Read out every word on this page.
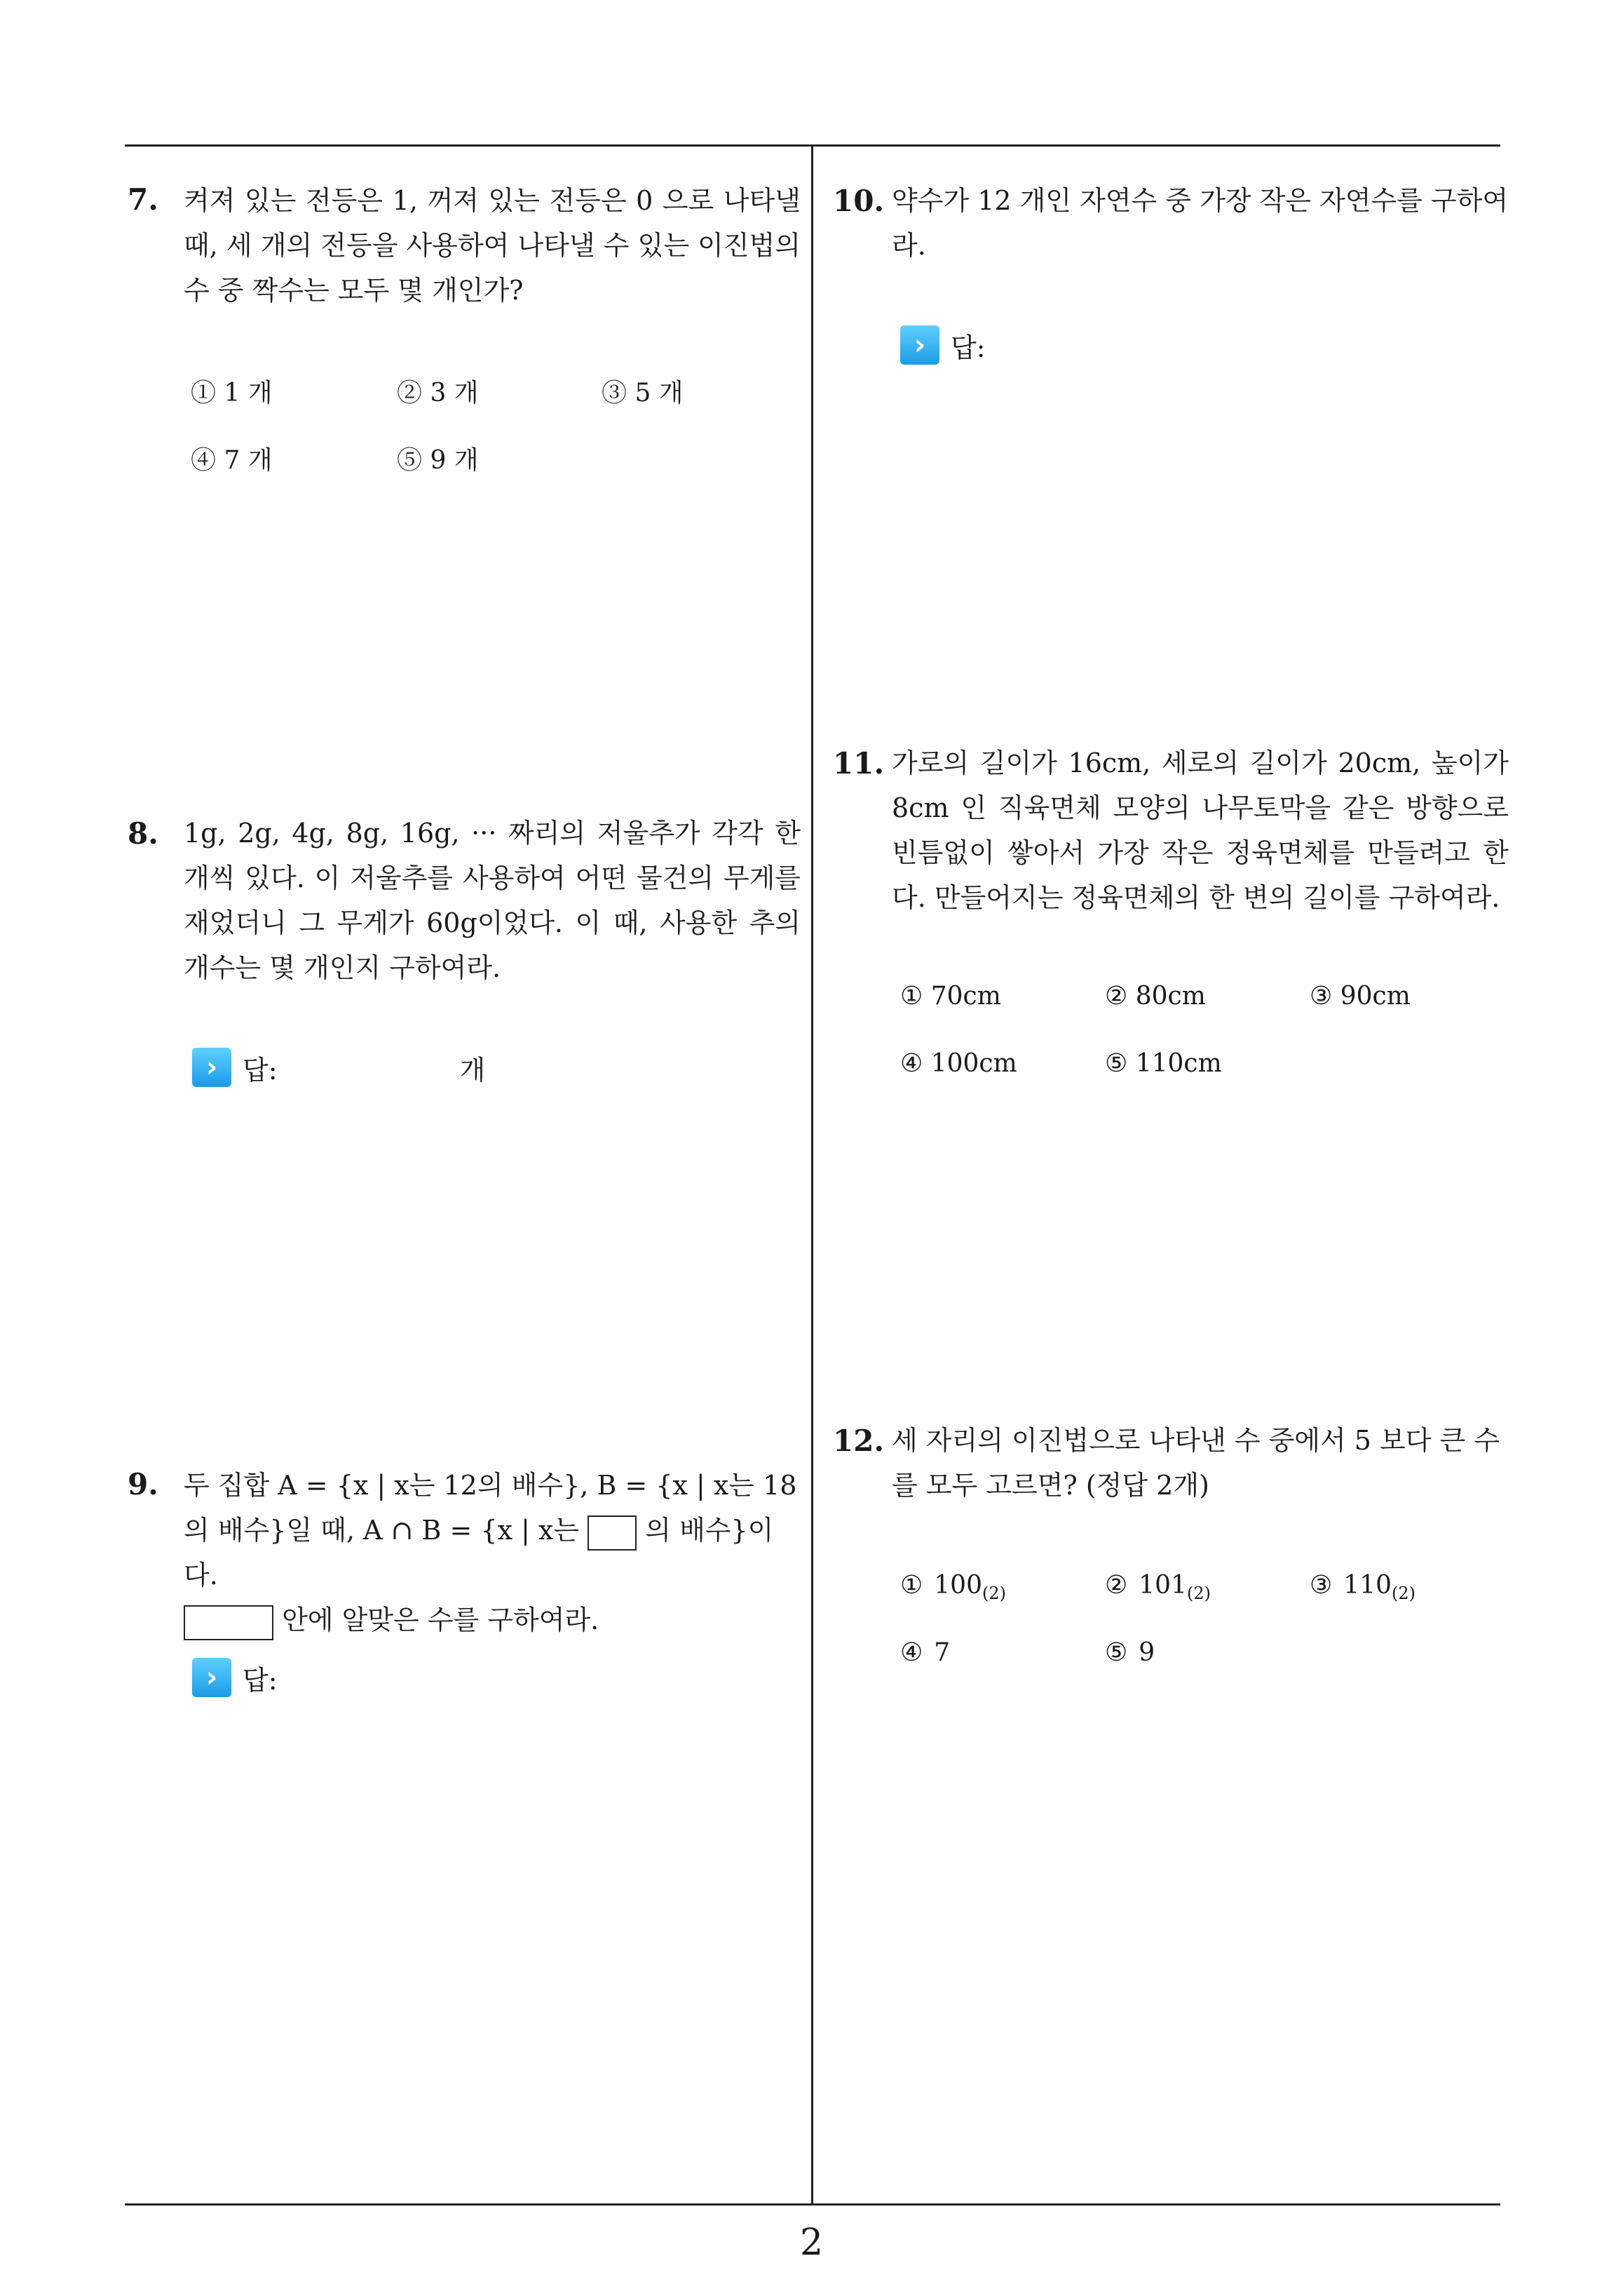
7. 켜져 있는 전등은 1, 꺼져 있는 전등은 0 으로 나타낼 때, 세 개의 전등을 사용하여 나타낼 수 있는 이진법의 수 중 짝수는 모두 몇 개인가?
① 1 개	② 3 개	③ 5 개
④ 7 개	⑤ 9 개
8. 1g, 2g, 4g, 8g, 16g, ··· 짜리의 저울추가 각각 한 개씩 있다. 이 저울추를 사용하여 어떤 물건의 무게를 재었더니 그 무게가 60g이었다. 이 때, 사용한 추의 개수는 몇 개인지 구하여라.
› 답:	개
9. 두 집합 A = {x | x는 12의 배수}, B = {x | x는 18
의 배수}일 때, A ∩ B = {x | x는 의 배수}이다.
안에 알맞은 수를 구하여라.
› 답:
10. 약수가 12 개인 자연수 중 가장 작은 자연수를 구하여라.
› 답:
11. 가로의 길이가 16cm, 세로의 길이가 20cm, 높이가 8cm 인 직육면체 모양의 나무토막을 같은 방향으로 빈틈없이 쌓아서 가장 작은 정육면체를 만들려고 한다. 만들어지는 정육면체의 한 변의 길이를 구하여라.
① 70cm	② 80cm	③ 90cm
④ 100cm	⑤ 110cm
12. 세 자리의 이진법으로 나타낸 수 중에서 5 보다 큰 수를 모두 고르면? (정답 2개)
① $100_{(2)}$	② $101_{(2)}$	③ $110_{(2)}$
④ 7	⑤ 9
2
